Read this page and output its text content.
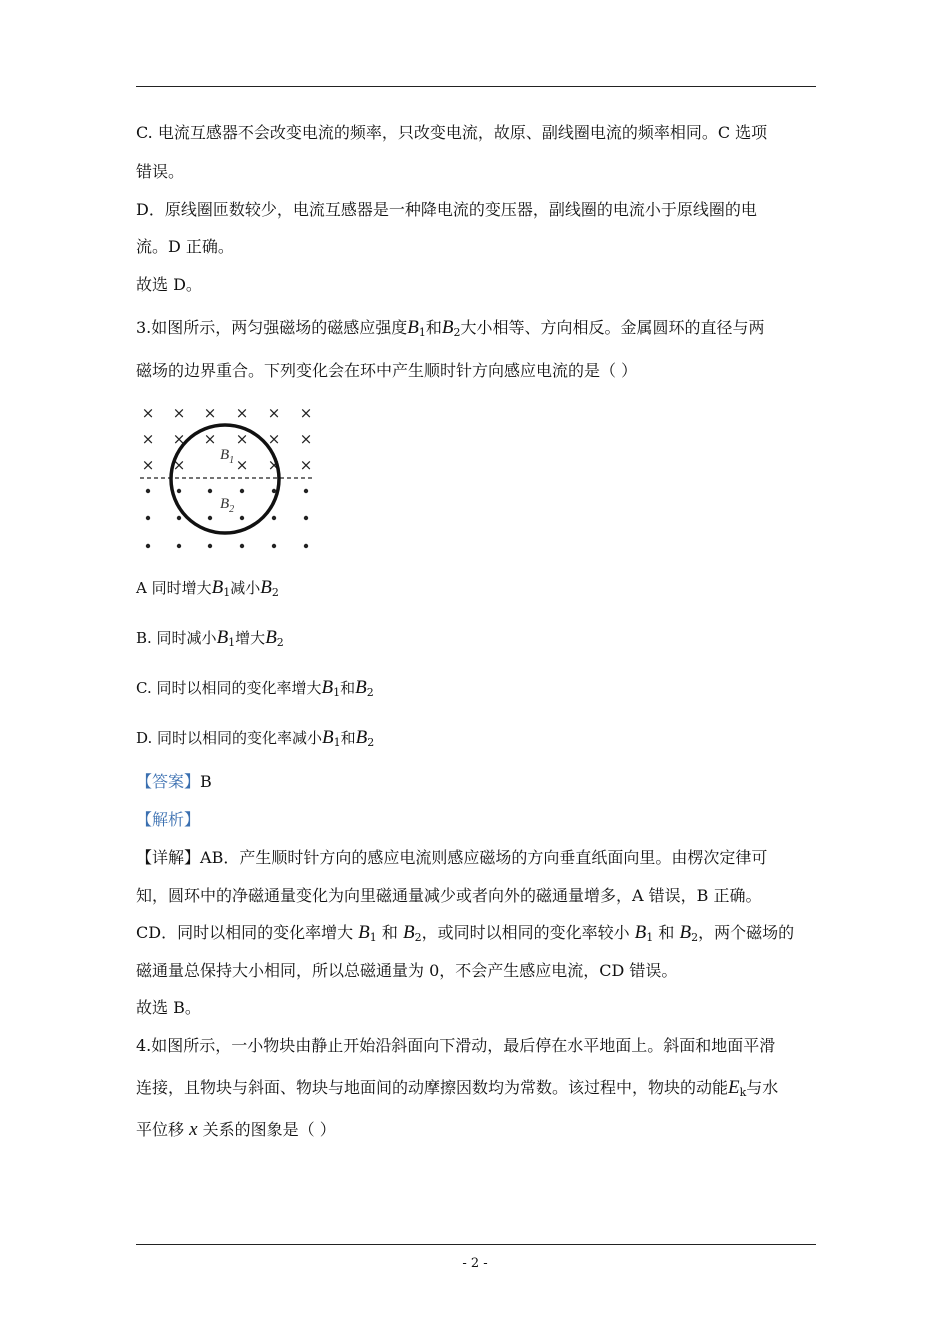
C. 电流互感器不会改变电流的频率，只改变电流，故原、副线圈电流的频率相同。C 选项
错误。
D．原线圈匝数较少，电流互感器是一种降电流的变压器，副线圈的电流小于原线圈的电
流。D 正确。
故选 D。
3.如图所示，两匀强磁场的磁感应强度$B_1$和$B_2$大小相等、方向相反。金属圆环的直径与两
磁场的边界重合。下列变化会在环中产生顺时针方向感应电流的是（ ）
× × × × × ×
× × × × × ×
× ×	× × ×
$B_1$
$B_2$
A 同时增大$B_1$减小$B_2$
B. 同时减小$B_1$增大$B_2$
C. 同时以相同的变化率增大$B_1$和$B_2$
D. 同时以相同的变化率减小$B_1$和$B_2$
【答案】B
【解析】
【详解】AB．产生顺时针方向的感应电流则感应磁场的方向垂直纸面向里。由楞次定律可
知，圆环中的净磁通量变化为向里磁通量减少或者向外的磁通量增多，A 错误，B 正确。
CD．同时以相同的变化率增大 $B_1$ 和 $B_2$，或同时以相同的变化率较小 $B_1$ 和 $B_2$，两个磁场的
磁通量总保持大小相同，所以总磁通量为 0，不会产生感应电流，CD 错误。
故选 B。
4.如图所示，一小物块由静止开始沿斜面向下滑动，最后停在水平地面上。斜面和地面平滑
连接，且物块与斜面、物块与地面间的动摩擦因数均为常数。该过程中，物块的动能$E_k$与水
平位移 x 关系的图象是（ ）
- 2 -
